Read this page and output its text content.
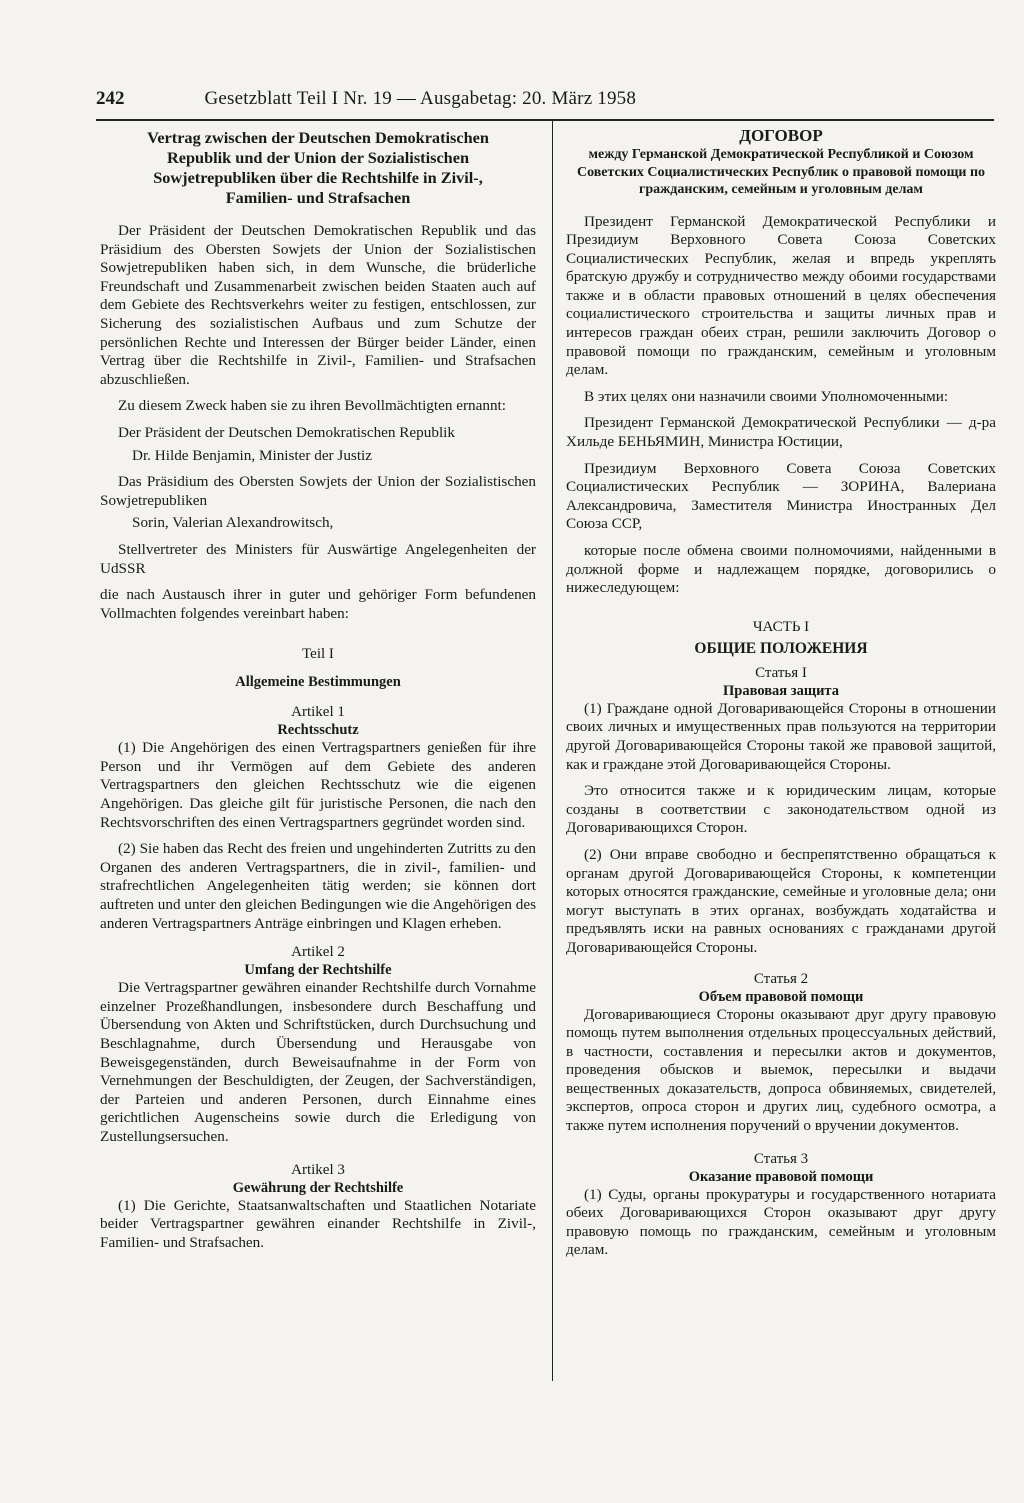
242	Gesetzblatt Teil I Nr. 19 — Ausgabetag: 20. März 1958
Vertrag zwischen der Deutschen Demokratischen Republik und der Union der Sozialistischen Sowjetrepubliken über die Rechtshilfe in Zivil-, Familien- und Strafsachen

Der Präsident der Deutschen Demokratischen Republik und das Präsidium des Obersten Sowjets der Union der Sozialistischen Sowjetrepubliken haben sich, in dem Wunsche, die brüderliche Freundschaft und Zusammenarbeit zwischen beiden Staaten auch auf dem Gebiete des Rechtsverkehrs weiter zu festigen, entschlossen, zur Sicherung des sozialistischen Aufbaus und zum Schutze der persönlichen Rechte und Interessen der Bürger beider Länder, einen Vertrag über die Rechtshilfe in Zivil-, Familien- und Strafsachen abzuschließen.

Zu diesem Zweck haben sie zu ihren Bevollmächtigten ernannt:

Der Präsident der Deutschen Demokratischen Republik

Dr. Hilde Benjamin, Minister der Justiz

Das Präsidium des Obersten Sowjets der Union der Sozialistischen Sowjetrepubliken

Sorin, Valerian Alexandrowitsch,

Stellvertreter des Ministers für Auswärtige Angelegenheiten der UdSSR

die nach Austausch ihrer in guter und gehöriger Form befundenen Vollmachten folgendes vereinbart haben:

Teil I
Allgemeine Bestimmungen
Artikel 1
Rechtsschutz

(1) Die Angehörigen des einen Vertragspartners genießen für ihre Person und ihr Vermögen auf dem Gebiete des anderen Vertragspartners den gleichen Rechtsschutz wie die eigenen Angehörigen. Das gleiche gilt für juristische Personen, die nach den Rechtsvorschriften des einen Vertragspartners gegründet worden sind.

(2) Sie haben das Recht des freien und ungehinderten Zutritts zu den Organen des anderen Vertragspartners, die in zivil-, familien- und strafrechtlichen Angelegenheiten tätig werden; sie können dort auftreten und unter den gleichen Bedingungen wie die Angehörigen des anderen Vertragspartners Anträge einbringen und Klagen erheben.

Artikel 2
Umfang der Rechtshilfe

Die Vertragspartner gewähren einander Rechtshilfe durch Vornahme einzelner Prozeßhandlungen, insbesondere durch Beschaffung und Übersendung von Akten und Schriftstücken, durch Durchsuchung und Beschlagnahme, durch Übersendung und Herausgabe von Beweisgegenständen, durch Beweisaufnahme in der Form von Vernehmungen der Beschuldigten, der Zeugen, der Sachverständigen, der Parteien und anderen Personen, durch Einnahme eines gerichtlichen Augenscheins sowie durch die Erledigung von Zustellungsersuchen.

Artikel 3
Gewährung der Rechtshilfe

(1) Die Gerichte, Staatsanwaltschaften und Staatlichen Notariate beider Vertragspartner gewähren einander Rechtshilfe in Zivil-, Familien- und Strafsachen.

ДОГОВОР
между Германской Демократической Республикой и Союзом Советских Социалистических Республик о правовой помощи по гражданским, семейным и уголовным делам

Президент Германской Демократической Республики и Президиум Верховного Совета Союза Советских Социалистических Республик, желая и впредь укреплять братскую дружбу и сотрудничество между обоими государствами также и в области правовых отношений в целях обеспечения социалистического строительства и защиты личных прав и интересов граждан обеих стран, решили заключить Договор о правовой помощи по гражданским, семейным и уголовным делам.

В этих целях они назначили своими Уполномоченными:

Президент Германской Демократической Республики — д-ра Хильде БЕНЬЯМИН, Министра Юстиции,

Президиум Верховного Совета Союза Советских Социалистических Республик — ЗОРИНА, Валериана Александровича, Заместителя Министра Иностранных Дел Союза ССР,

которые после обмена своими полномочиями, найденными в должной форме и надлежащем порядке, договорились о нижеследующем:

ЧАСТЬ I
ОБЩИЕ ПОЛОЖЕНИЯ
Статья I
Правовая защита

(1) Граждане одной Договаривающейся Стороны в отношении своих личных и имущественных прав пользуются на территории другой Договаривающейся Стороны такой же правовой защитой, как и граждане этой Договаривающейся Стороны.

Это относится также и к юридическим лицам, которые созданы в соответствии с законодательством одной из Договаривающихся Сторон.

(2) Они вправе свободно и беспрепятственно обращаться к органам другой Договаривающейся Стороны, к компетенции которых относятся гражданские, семейные и уголовные дела; они могут выступать в этих органах, возбуждать ходатайства и предъявлять иски на равных основаниях с гражданами другой Договаривающейся Стороны.

Статья 2
Объем правовой помощи

Договаривающиеся Стороны оказывают друг другу правовую помощь путем выполнения отдельных процессуальных действий, в частности, составления и пересылки актов и документов, проведения обысков и выемок, пересылки и выдачи вещественных доказательств, допроса обвиняемых, свидетелей, экспертов, опроса сторон и других лиц, судебного осмотра, а также путем исполнения поручений о вручении документов.

Статья 3
Оказание правовой помощи

(1) Суды, органы прокуратуры и государственного нотариата обеих Договаривающихся Сторон оказывают друг другу правовую помощь по гражданским, семейным и уголовным делам.
